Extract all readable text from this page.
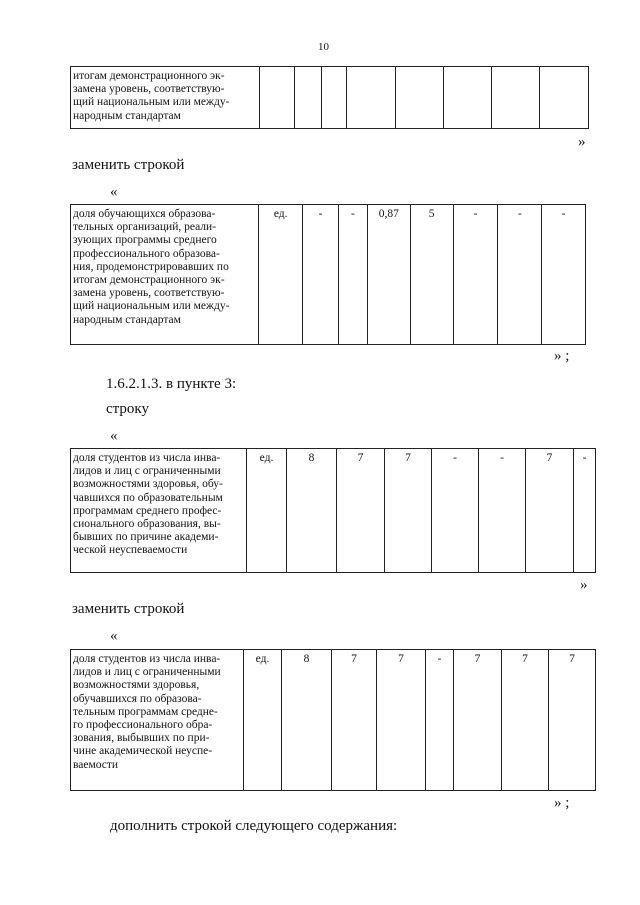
10
итогам демонстрационного эк-
замена уровень, соответствую-
щий национальным или между-
народным стандартам
»
заменить строкой
«
доля обучающихся образова-
тельных организаций, реали-
зующих программы среднего
профессионального образова-
ния, продемонстрировавших по
итогам демонстрационного эк-
замена уровень, соответствую-
щий национальным или между-
народным стандартам
ед.	-	-	0,87	5	-	-	-
» ;
1.6.2.1.3. в пункте 3:
строку
«
доля студентов из числа инва-
лидов и лиц с ограниченными
возможностями здоровья, обу-
чавшихся по образовательным
программам среднего профес-
сионального образования, вы-
бывших по причине академи-
ческой неуспеваемости
ед.	8	7	7	-	-	7	-
»
заменить строкой
«
доля студентов из числа инва-
лидов и лиц с ограниченными
возможностями здоровья,
обучавшихся по образова-
тельным программам средне-
го профессионального обра-
зования, выбывших по при-
чине академической неуспе-
ваемости
ед.	8	7	7	-	7	7	7
» ;
дополнить строкой следующего содержания:
